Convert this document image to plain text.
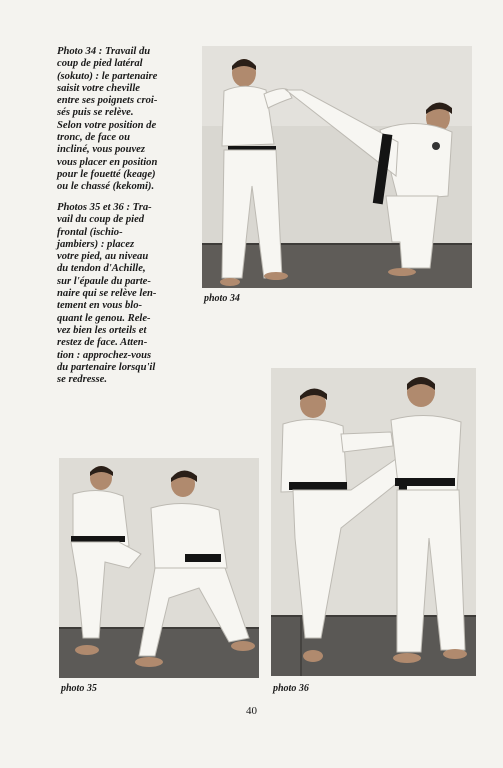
Photo 34 : Travail du
coup de pied latéral
(sokuto) : le partenaire
saisit votre cheville
entre ses poignets croi-
sés puis se relève.
Selon votre position de
tronc, de face ou
incliné, vous pouvez
vous placer en position
pour le fouetté (keage)
ou le chassé (kekomi).
Photos 35 et 36 : Tra-
vail du coup de pied
frontal (ischio-
jambiers) : placez
votre pied, au niveau
du tendon d'Achille,
sur l'épaule du parte-
naire qui se relève len-
tement en vous blo-
quant le genou. Rele-
vez bien les orteils et
restez de face. Atten-
tion : approchez-vous
du partenaire lorsqu'il
se redresse.
photo 34
photo 35	photo 36
40
